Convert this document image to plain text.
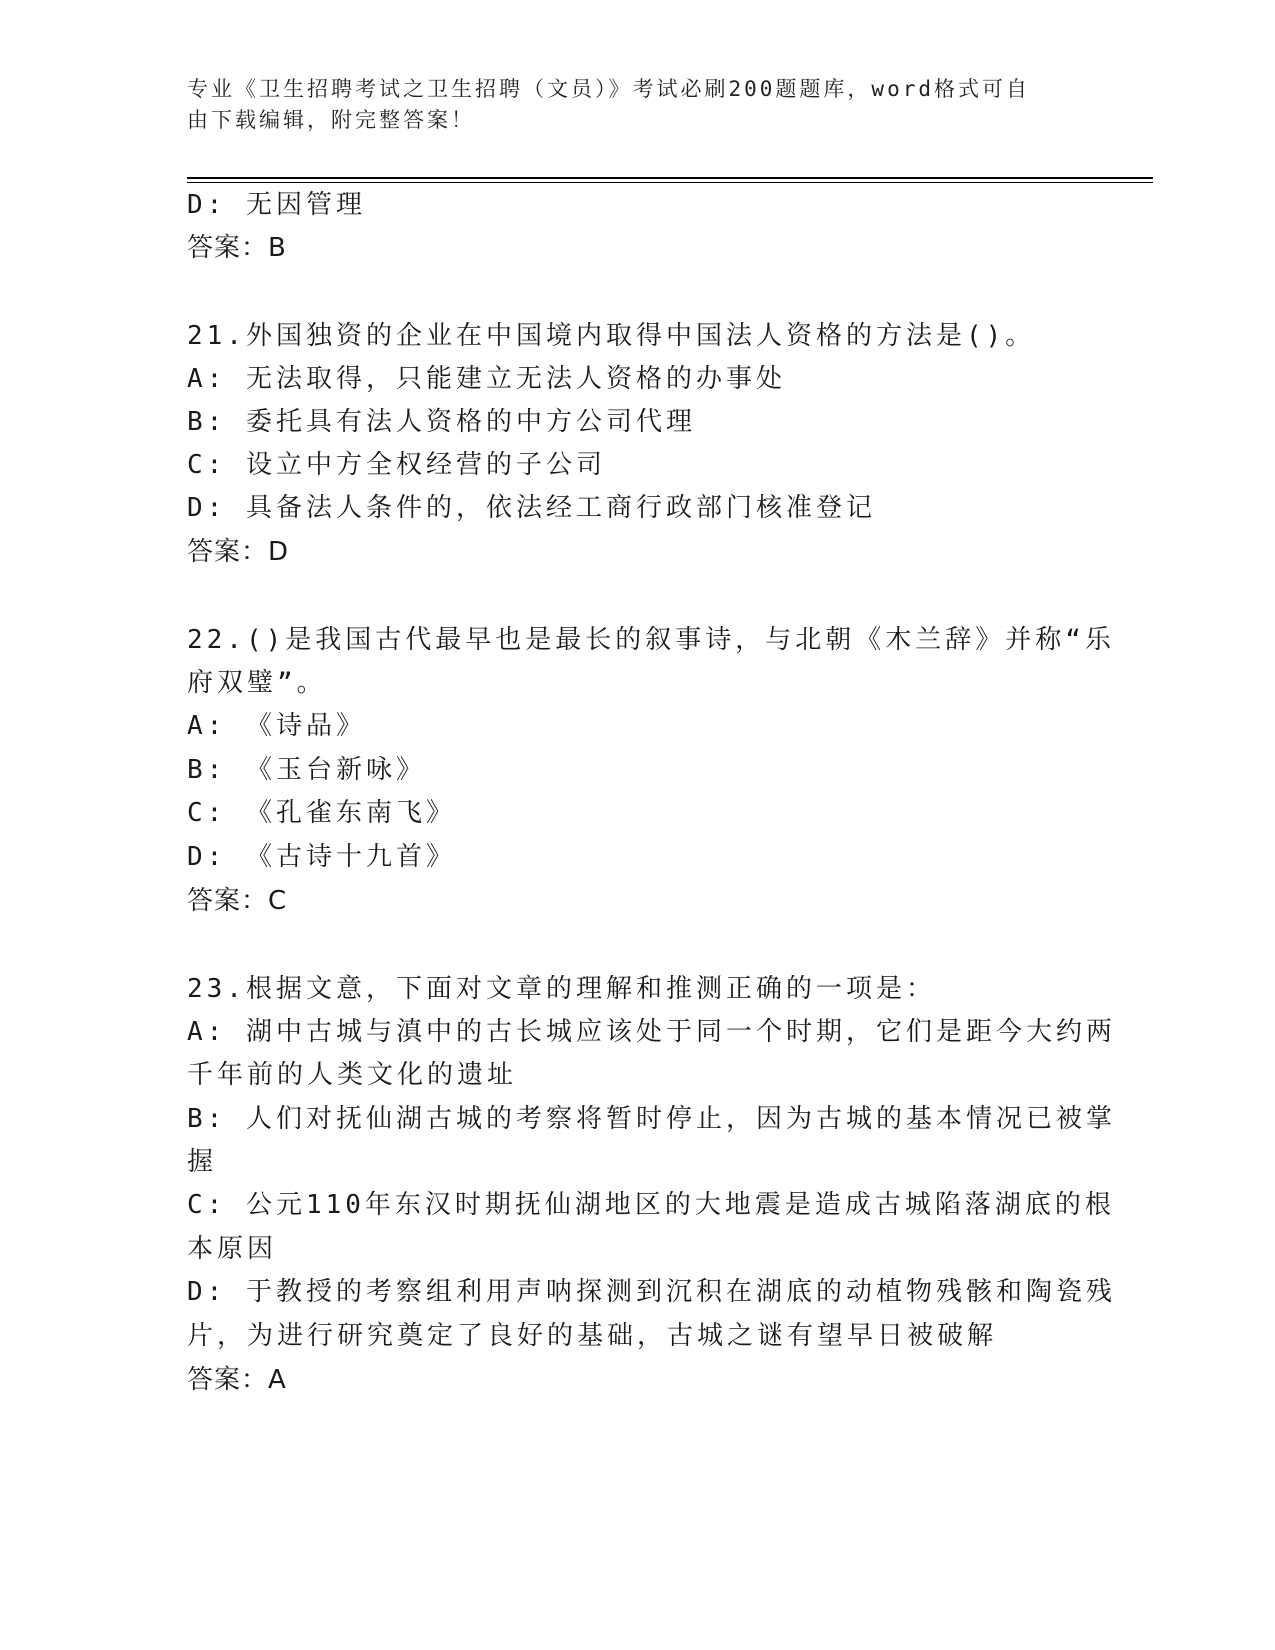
专业《卫生招聘考试之卫生招聘（文员）》考试必刷200题题库，word格式可自
由下载编辑，附完整答案！
D: 无因管理
答案：B
21.外国独资的企业在中国境内取得中国法人资格的方法是()。
A: 无法取得，只能建立无法人资格的办事处
B: 委托具有法人资格的中方公司代理
C: 设立中方全权经营的子公司
D: 具备法人条件的，依法经工商行政部门核准登记
答案：D
22.()是我国古代最早也是最长的叙事诗，与北朝《木兰辞》并称“乐
府双璧”。
A: 《诗品》
B: 《玉台新咏》
C: 《孔雀东南飞》
D: 《古诗十九首》
答案：C
23.根据文意，下面对文章的理解和推测正确的一项是：
A: 湖中古城与滇中的古长城应该处于同一个时期，它们是距今大约两
千年前的人类文化的遗址
B: 人们对抚仙湖古城的考察将暂时停止，因为古城的基本情况已被掌
握
C: 公元110年东汉时期抚仙湖地区的大地震是造成古城陷落湖底的根
本原因
D: 于教授的考察组利用声呐探测到沉积在湖底的动植物残骸和陶瓷残
片，为进行研究奠定了良好的基础，古城之谜有望早日被破解
答案：A
